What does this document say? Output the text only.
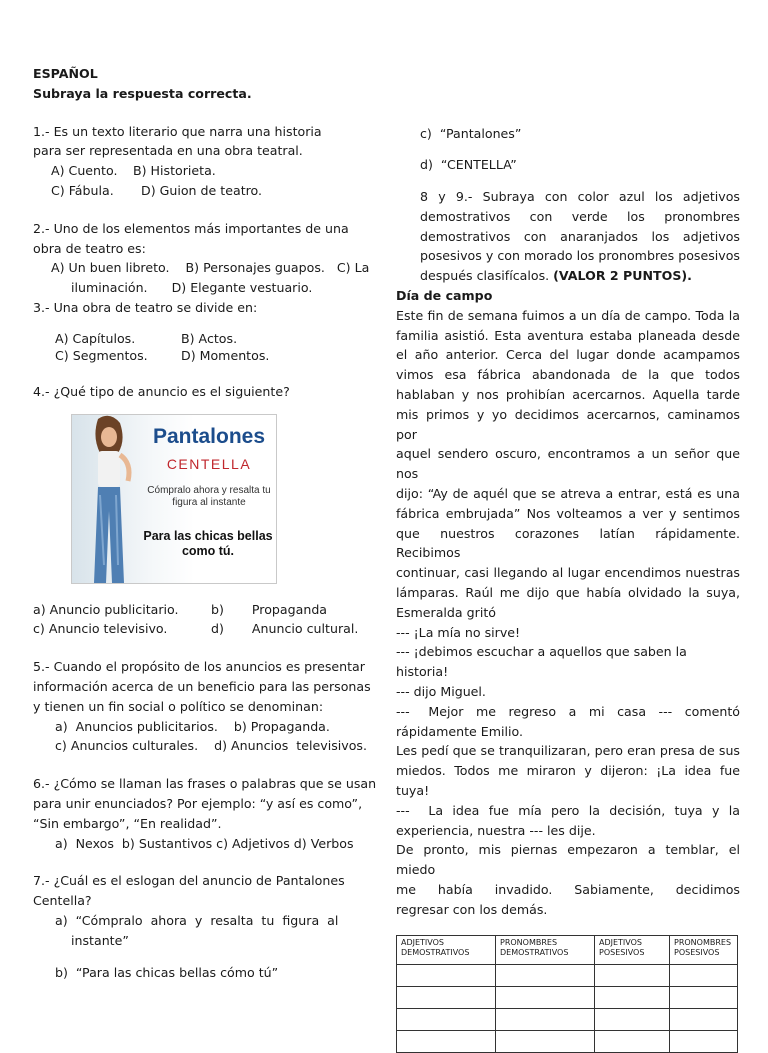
ESPAÑOL

Subraya la respuesta correcta.

1.- Es un texto literario que narra una historia

para ser representada en una obra teatral.

A) Cuento.	B) Historieta.
C) Fábula.	D) Guion de teatro.

2.- Uno de los elementos más importantes de una

obra de teatro es:

A) Un buen libreto.    B) Personajes guapos.   C) La

iluminación.      D) Elegante vestuario.

3.- Una obra de teatro se divide en:

A) Capítulos.	B) Actos.
C) Segmentos.	D) Momentos.

4.- ¿Qué tipo de anuncio es el siguiente?

Pantalones
CENTELLA
Cómpralo ahora y resalta tu figura al instante
Para las chicas bellas como tú.
a) Anuncio publicitario.	b)       Propaganda
c) Anuncio televisivo.	d)       Anuncio cultural.

5.- Cuando el propósito de los anuncios es presentar

información acerca de un beneficio para las personas

y tienen un fin social o político se denominan:

a)  Anuncios publicitarios.    b) Propaganda.

c) Anuncios culturales.    d) Anuncios  televisivos.

6.- ¿Cómo se llaman las frases o palabras que se usan

para unir enunciados? Por ejemplo: “y así es como”,

“Sin embargo”, “En realidad”.

a)  Nexos  b) Sustantivos c) Adjetivos d) Verbos

7.- ¿Cuál es el eslogan del anuncio de Pantalones

Centella?

a)  “Cómpralo  ahora  y  resalta  tu  figura  al

instante”

b)  “Para las chicas bellas cómo tú”

c)  “Pantalones”

d)  “CENTELLA”

8 y 9.- Subraya con color azul los adjetivos

demostrativos con verde los pronombres

demostrativos con anaranjados los adjetivos

posesivos y con morado los pronombres posesivos

después clasifícalos. (VALOR 2 PUNTOS).

Día de campo

Este fin de semana fuimos a un día de campo. Toda la

familia asistió. Esta aventura estaba planeada desde

el año anterior. Cerca del lugar donde acampamos

vimos esa fábrica abandonada de la que todos

hablaban y nos prohibían acercarnos. Aquella tarde

mis primos y yo decidimos acercarnos, caminamos por

aquel sendero oscuro, encontramos a un señor que nos

dijo: “Ay de aquél que se atreva a entrar, está es una

fábrica embrujada” Nos volteamos a ver y sentimos

que nuestros corazones latían rápidamente. Recibimos

continuar, casi llegando al lugar encendimos nuestras

lámparas. Raúl me dijo que había olvidado la suya,

Esmeralda gritó

--- ¡La mía no sirve!

--- ¡debimos escuchar a aquellos que saben la historia!

--- dijo Miguel.

---   Mejor  me  regreso  a  mi  casa  ---  comentó

rápidamente Emilio.

Les pedí que se tranquilizaran, pero eran presa de sus

miedos. Todos me miraron y dijeron: ¡La idea fue tuya!

---    La  idea  fue  mía  pero  la  decisión,  tuya  y  la

experiencia, nuestra --- les dije.

De pronto, mis piernas empezaron a temblar, el miedo

me    había    invadido.    Sabiamente,    decidimos

regresar con los demás.

ADJETIVOS DEMOSTRATIVOS	PRONOMBRES DEMOSTRATIVOS	ADJETIVOS POSESIVOS	PRONOMBRES POSESIVOS
